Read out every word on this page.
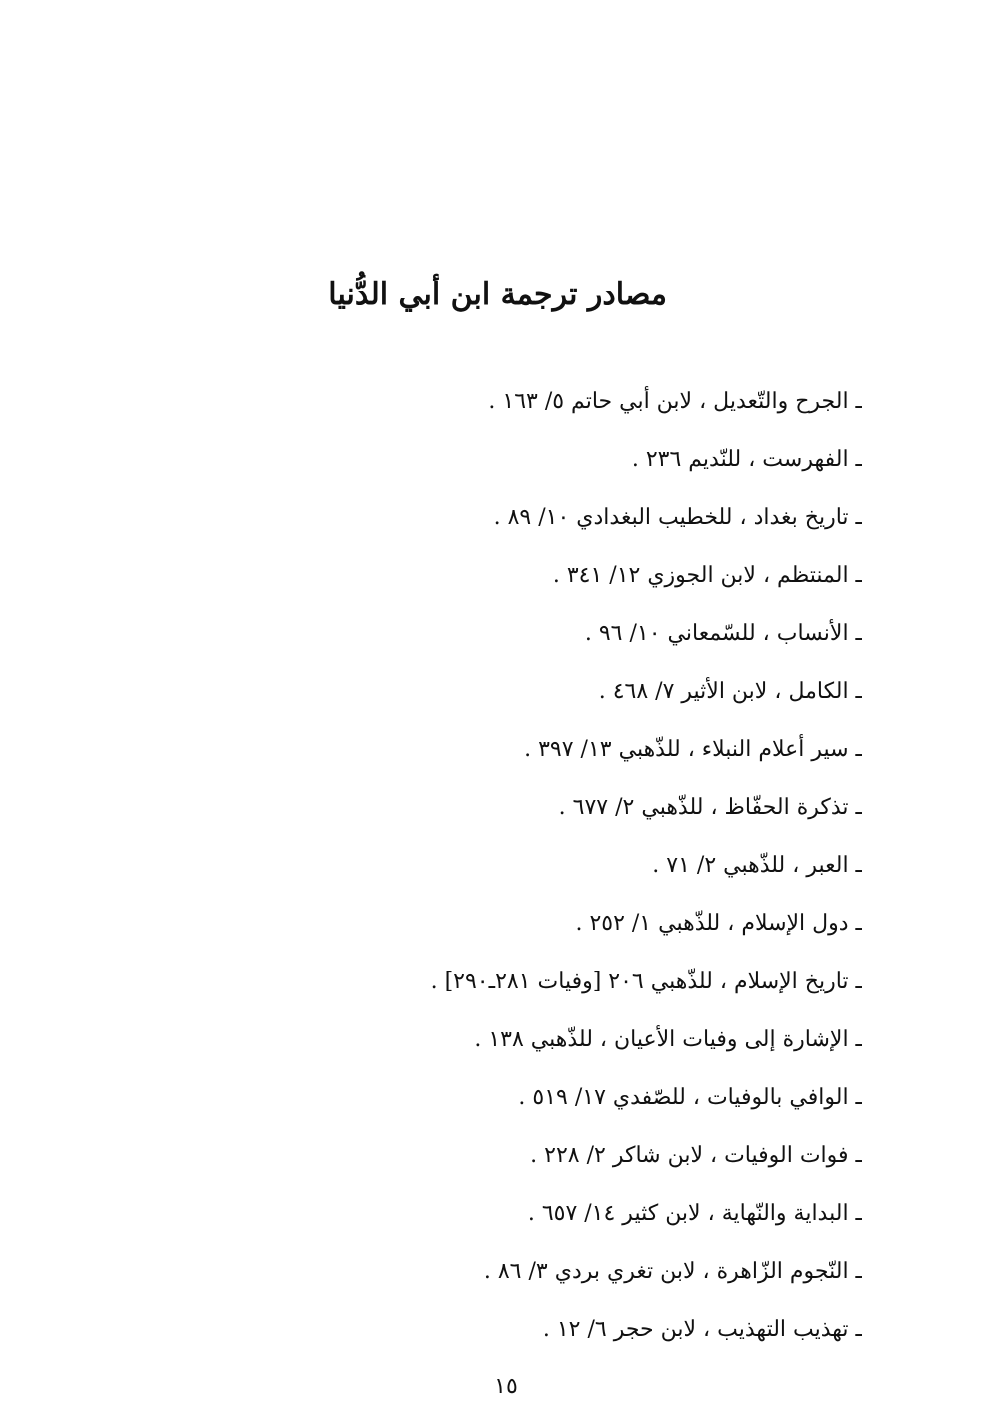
مصادر ترجمة ابن أبي الدُّنيا
ـ الجرح والتّعديل ، لابن أبي حاتم ٥/ ١٦٣ .
ـ الفهرست ، للنّديم ٢٣٦ .
ـ تاريخ بغداد ، للخطيب البغدادي ١٠/ ٨٩ .
ـ المنتظم ، لابن الجوزي ١٢/ ٣٤١ .
ـ الأنساب ، للسّمعاني ١٠/ ٩٦ .
ـ الكامل ، لابن الأثير ٧/ ٤٦٨ .
ـ سير أعلام النبلاء ، للذّهبي ١٣/ ٣٩٧ .
ـ تذكرة الحفّاظ ، للذّهبي ٢/ ٦٧٧ .
ـ العبر ، للذّهبي ٢/ ٧١ .
ـ دول الإسلام ، للذّهبي ١/ ٢٥٢ .
ـ تاريخ الإسلام ، للذّهبي ٢٠٦ [وفيات ٢٨١ـ٢٩٠] .
ـ الإشارة إلى وفيات الأعيان ، للذّهبي ١٣٨ .
ـ الوافي بالوفيات ، للصّفدي ١٧/ ٥١٩ .
ـ فوات الوفيات ، لابن شاكر ٢/ ٢٢٨ .
ـ البداية والنّهاية ، لابن كثير ١٤/ ٦٥٧ .
ـ النّجوم الزّاهرة ، لابن تغري بردي ٣/ ٨٦ .
ـ تهذيب التهذيب ، لابن حجر ٦/ ١٢ .
١٥
